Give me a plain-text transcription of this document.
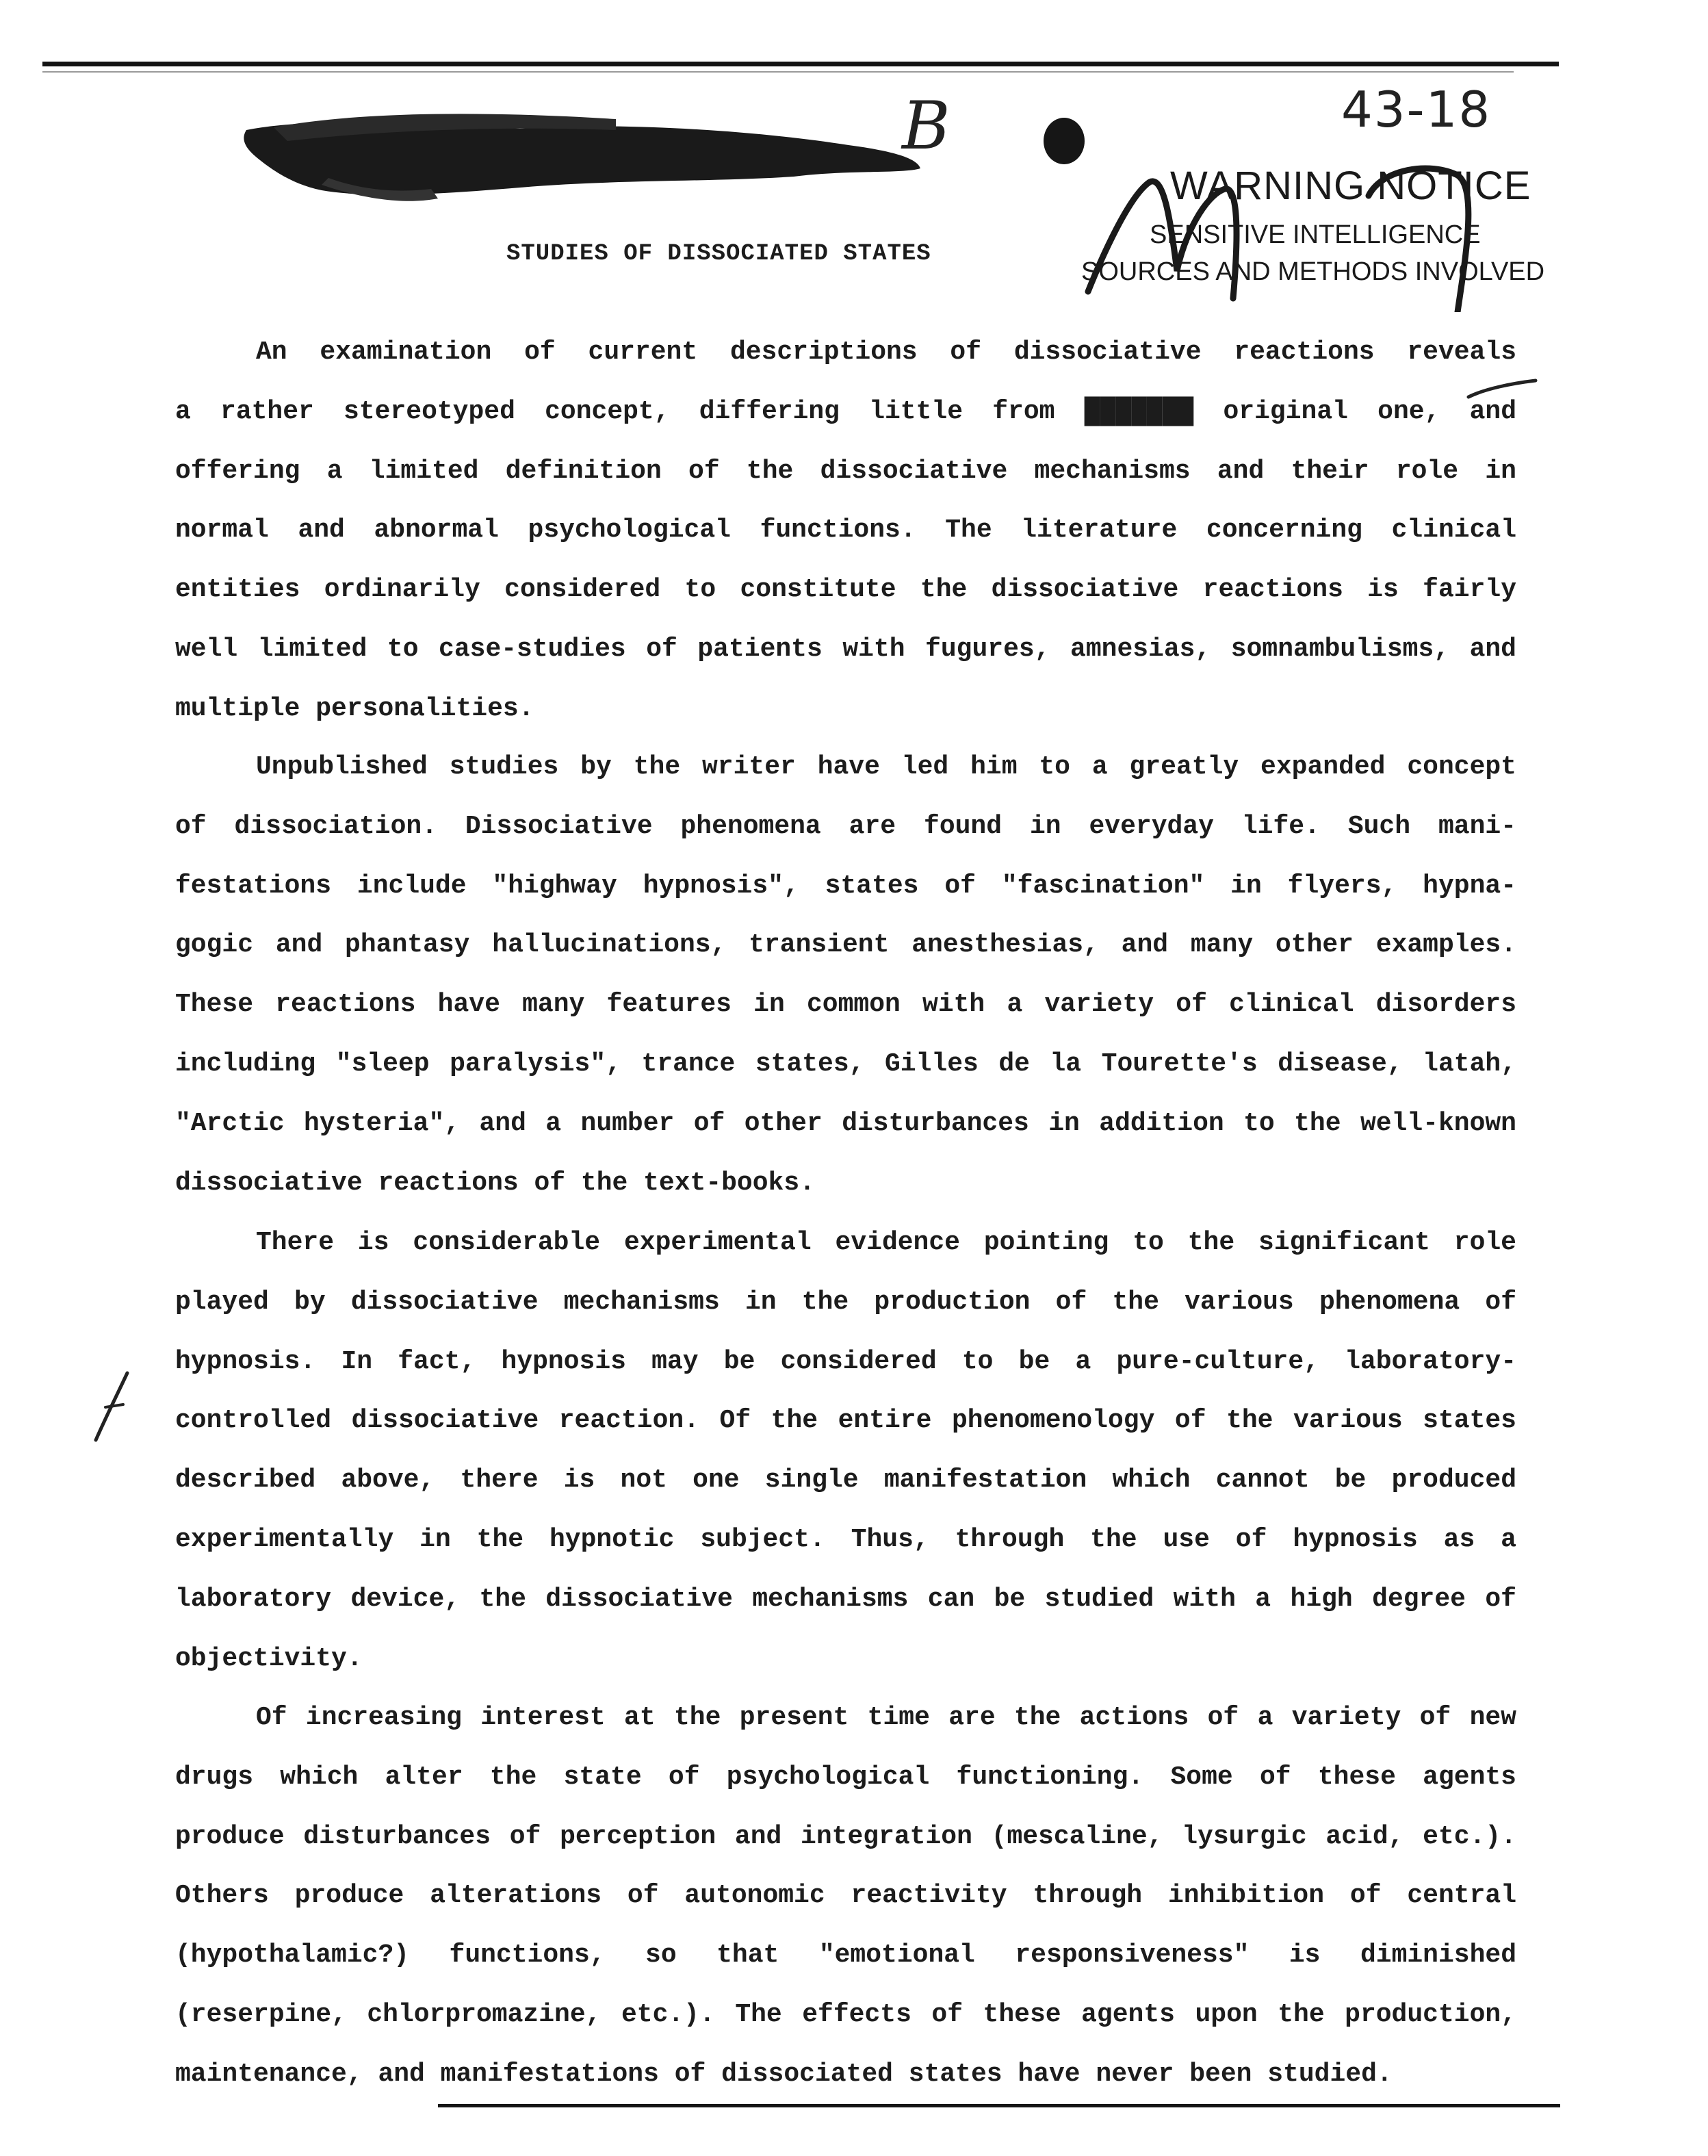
B	43-18
WARNING NOTICE
SENSITIVE INTELLIGENCE
SOURCES AND METHODS INVOLVED
STUDIES OF DISSOCIATED STATES
An examination of current descriptions of dissociative reactions reveals
a rather stereotyped concept, differing little from ███████ original one, and
offering a limited definition of the dissociative mechanisms and their role in
normal and abnormal psychological functions. The literature concerning clinical
entities ordinarily considered to constitute the dissociative reactions is fairly
well limited to case-studies of patients with fugures, amnesias, somnambulisms, and
multiple personalities.
Unpublished studies by the writer have led him to a greatly expanded concept
of dissociation. Dissociative phenomena are found in everyday life. Such mani-
festations include "highway hypnosis", states of "fascination" in flyers, hypna-
gogic and phantasy hallucinations, transient anesthesias, and many other examples.
These reactions have many features in common with a variety of clinical disorders
including "sleep paralysis", trance states, Gilles de la Tourette's disease, latah,
"Arctic hysteria", and a number of other disturbances in addition to the well-known
dissociative reactions of the text-books.
There is considerable experimental evidence pointing to the significant role
played by dissociative mechanisms in the production of the various phenomena of
hypnosis. In fact, hypnosis may be considered to be a pure-culture, laboratory-
controlled dissociative reaction. Of the entire phenomenology of the various states
described above, there is not one single manifestation which cannot be produced
experimentally in the hypnotic subject. Thus, through the use of hypnosis as a
laboratory device, the dissociative mechanisms can be studied with a high degree of
objectivity.
Of increasing interest at the present time are the actions of a variety of new
drugs which alter the state of psychological functioning. Some of these agents
produce disturbances of perception and integration (mescaline, lysurgic acid, etc.).
Others produce alterations of autonomic reactivity through inhibition of central
(hypothalamic?) functions, so that "emotional responsiveness" is diminished
(reserpine, chlorpromazine, etc.). The effects of these agents upon the production,
maintenance, and manifestations of dissociated states have never been studied.
